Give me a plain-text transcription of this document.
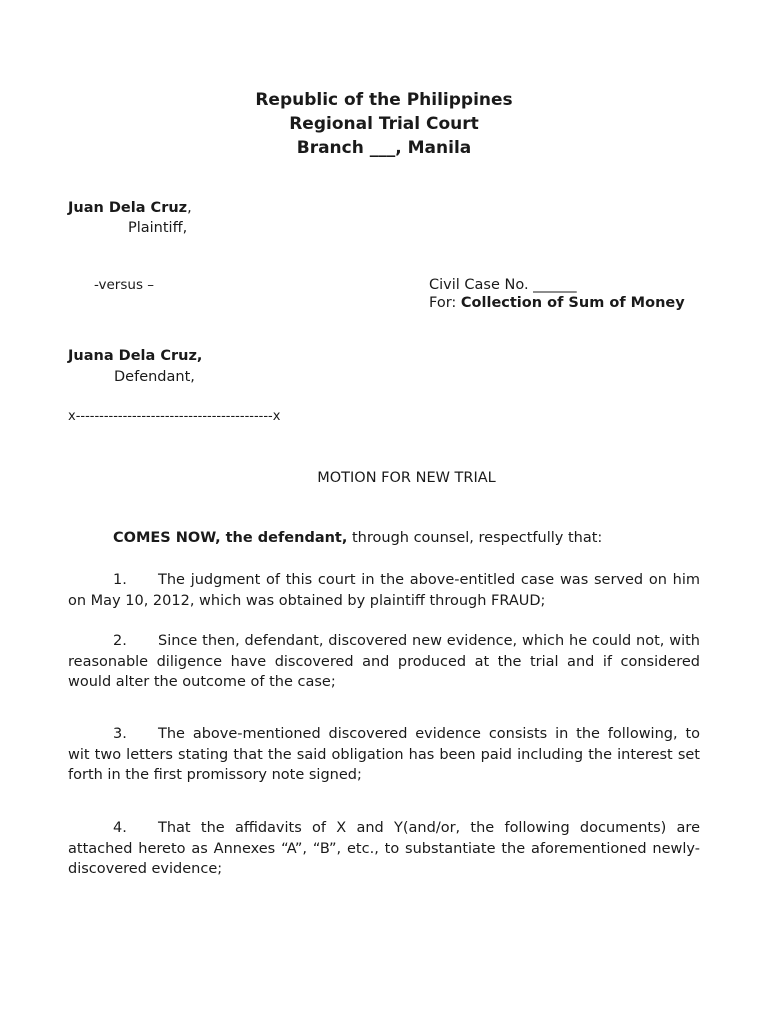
Republic of the Philippines
Regional Trial Court
Branch ___, Manila
Juan Dela Cruz,
Plaintiff,
-versus –	Civil Case No. ______
For: Collection of Sum of Money
Juana Dela Cruz,
Defendant,
x------------------------------------------x
MOTION FOR NEW TRIAL
COMES NOW, the defendant, through counsel, respectfully that:
1. The judgment of this court in the above-entitled case was served on him on May 10, 2012, which was obtained by plaintiff through FRAUD;
2. Since then, defendant, discovered new evidence, which he could not, with reasonable diligence have discovered and produced at the trial and if considered would alter the outcome of the case;
3. The above-mentioned discovered evidence consists in the following, to wit two letters stating that the said obligation has been paid including the interest set forth in the first promissory note signed;
4. That the affidavits of X and Y(and/or, the following documents) are attached hereto as Annexes “A”, “B”, etc., to substantiate the aforementioned newly-discovered evidence;
